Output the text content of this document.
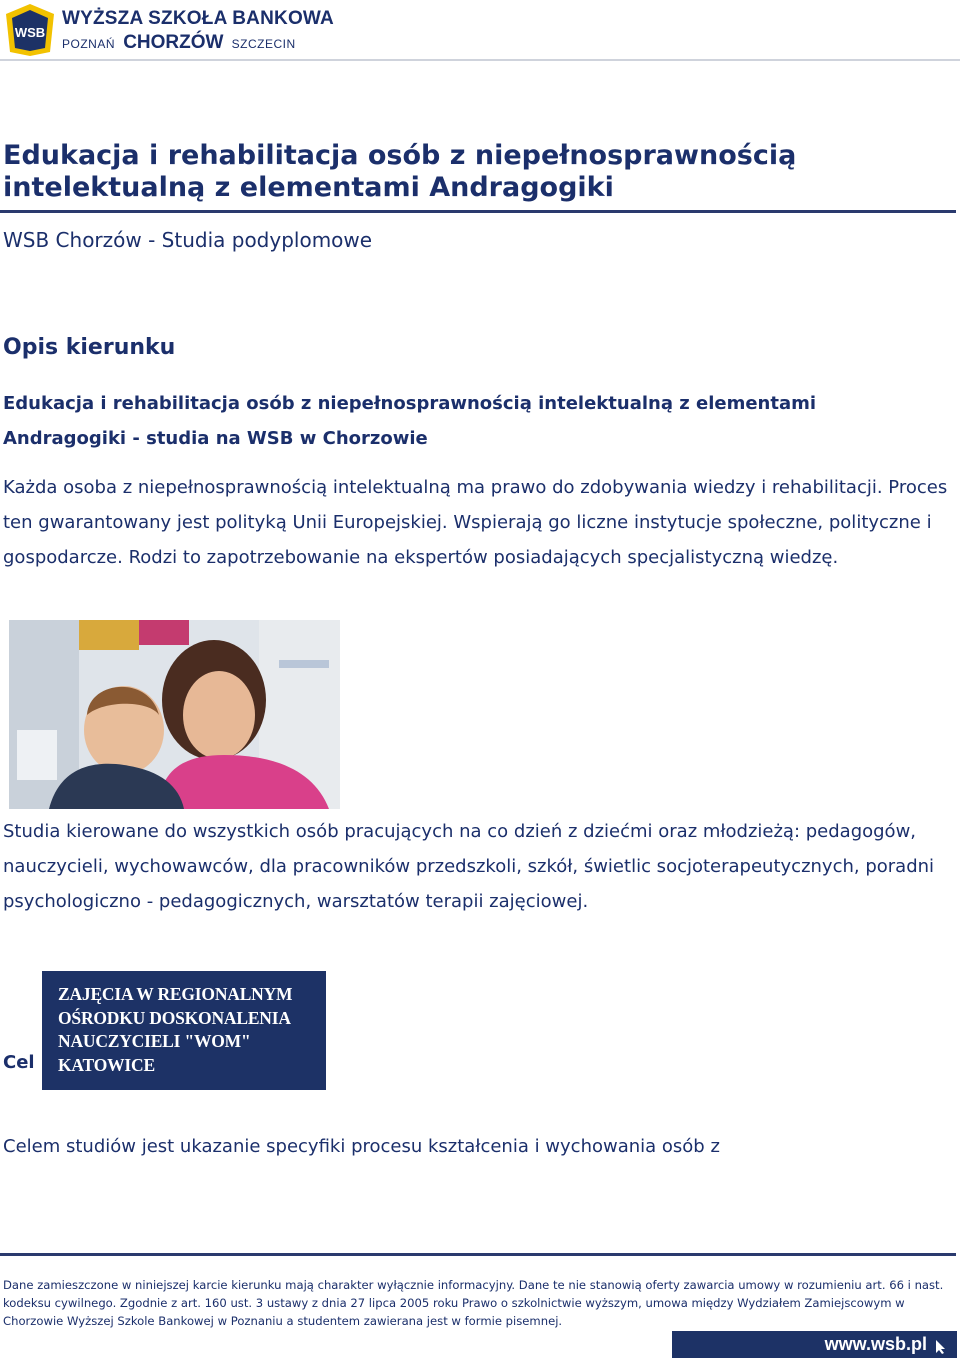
WSB
WYŻSZA SZKOŁA BANKOWA
POZNAŃ CHORZÓW SZCZECIN
Edukacja i rehabilitacja osób z niepełnosprawnością intelektualną z elementami Andragogiki
WSB Chorzów - Studia podyplomowe
Opis kierunku
Edukacja i rehabilitacja osób z niepełnosprawnością intelektualną z elementami Andragogiki - studia na WSB w Chorzowie
Każda osoba z niepełnosprawnością intelektualną ma prawo do zdobywania wiedzy i rehabilitacji. Proces ten gwarantowany jest polityką Unii Europejskiej. Wspierają go liczne instytucje społeczne, polityczne i gospodarcze. Rodzi to zapotrzebowanie na ekspertów posiadających specjalistyczną wiedzę.
Studia kierowane do wszystkich osób pracujących na co dzień z dziećmi oraz młodzieżą: pedagogów, nauczycieli, wychowawców, dla pracowników przedszkoli, szkół, świetlic socjoterapeutycznych, poradni psychologiczno - pedagogicznych, warsztatów terapii zajęciowej.
Cel
ZAJĘCIA W REGIONALNYM
OŚRODKU DOSKONALENIA
NAUCZYCIELI "WOM"
KATOWICE
Celem studiów jest ukazanie specyfiki procesu kształcenia i wychowania osób z
Dane zamieszczone w niniejszej karcie kierunku mają charakter wyłącznie informacyjny. Dane te nie stanowią oferty zawarcia umowy w rozumieniu art. 66 i nast. kodeksu cywilnego. Zgodnie z art. 160 ust. 3 ustawy z dnia 27 lipca 2005 roku Prawo o szkolnictwie wyższym, umowa między Wydziałem Zamiejscowym w Chorzowie Wyższej Szkole Bankowej w Poznaniu a studentem zawierana jest w formie pisemnej.
www.wsb.pl
